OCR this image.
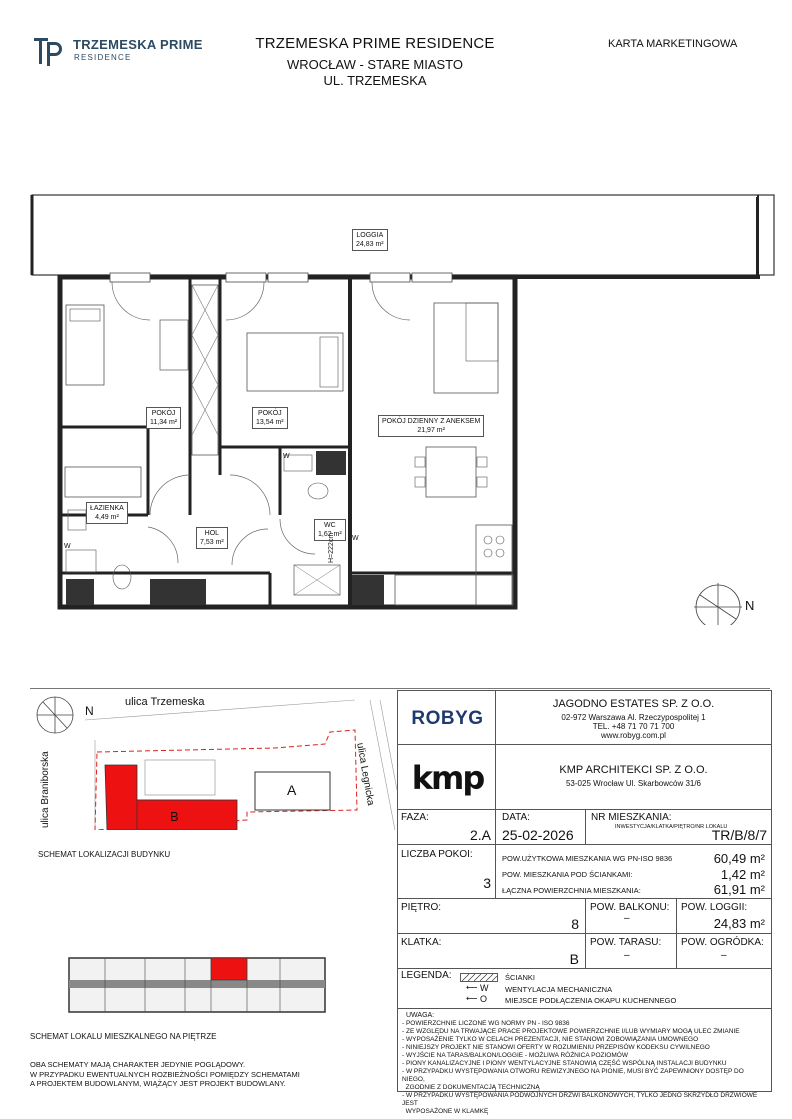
TRZEMESKA PRIME
RESIDENCE
TRZEMESKA PRIME RESIDENCE
WROCŁAW - STARE MIASTO
UL. TRZEMESKA
KARTA MARKETINGOWA
LOGGIA
24,83 m²
POKÓJ
11,34 m²
POKÓJ
13,54 m²	POKÓJ DZIENNY Z ANEKSEM
21,97 m²
ŁAZIENKA
4,49 m²
HOL
7,53 m²
WC
1,62 m²
H=222cm
W
W
W
N
ulica Trzemeska
ulica Braniborska	ulica Legnicka
A
B
N
SCHEMAT LOKALIZACJI BUDYNKU
SCHEMAT LOKALU MIESZKALNEGO NA PIĘTRZE
OBA SCHEMATY MAJĄ CHARAKTER JEDYNIE POGLĄDOWY.
W PRZYPADKU EWENTUALNYCH ROZBIEŻNOŚCI POMIĘDZY SCHEMATAMI
A PROJEKTEM BUDOWLANYM, WIĄŻĄCY JEST PROJEKT BUDOWLANY.
ROBYG
JAGODNO ESTATES SP. Z O.O.
02-972 Warszawa Al. Rzeczypospolitej 1
TEL. +48 71 70 71 700
www.robyg.com.pl
kmp	KMP ARCHITEKCI SP. Z O.O.
53-025 Wrocław Ul. Skarbowców 31/6
FAZA:
2.A
DATA:
25-02-2026
NR MIESZKANIA:
INWESTYCJA/KLATKA/PIĘTRO/NR LOKALU
TR/B/8/7
LICZBA POKOI:
3
POW.UŻYTKOWA MIESZKANIA WG PN-ISO 9836	60,49 m²
POW. MIESZKANIA POD ŚCIANKAMI:	1,42 m²
ŁĄCZNA POWIERZCHNIA MIESZKANIA:	61,91 m²
PIĘTRO:
8
POW. BALKONU:
–
POW. LOGGII:
24,83 m²
KLATKA:
B
POW. TARASU:
–
POW. OGRÓDKA:
–
LEGENDA:	ŚCIANKI
⟵ W WENTYLACJA MECHANICZNA
⟵ O MIEJSCE PODŁĄCZENIA OKAPU KUCHENNEGO
UWAGA:
- POWIERZCHNIE LICZONE WG NORMY PN - ISO 9836
- ZE WZGLĘDU NA TRWAJĄCE PRACE PROJEKTOWE POWIERZCHNIE I/LUB WYMIARY MOGĄ ULEC ZMIANIE
- WYPOSAŻENIE TYLKO W CELACH PREZENTACJI, NIE STANOWI ZOBOWIĄZANIA UMOWNEGO
- NINIEJSZY PROJEKT NIE STANOWI OFERTY W ROZUMIENIU PRZEPISÓW KODEKSU CYWILNEGO
- WYJŚCIE NA TARAS/BALKON/LOGGIE - MOŻLIWA RÓŻNICA POZIOMÓW
- PIONY KANALIZACYJNE I PIONY WENTYLACYJNE STANOWIĄ CZĘŚĆ WSPÓLNĄ INSTALACJI BUDYNKU
- W PRZYPADKU WYSTĘPOWANIA OTWORU REWIZYJNEGO NA PIONIE, MUSI BYĆ ZAPEWNIONY DOSTĘP DO NIEGO,
ZGODNIE Z DOKUMENTACJĄ TECHNICZNĄ
- W PRZYPADKU WYSTĘPOWANIA PODWÓJNYCH DRZWI BALKONOWYCH, TYLKO JEDNO SKRZYDŁO DRZWIOWE JEST
WYPOSAŻONE W KLAMKĘ
